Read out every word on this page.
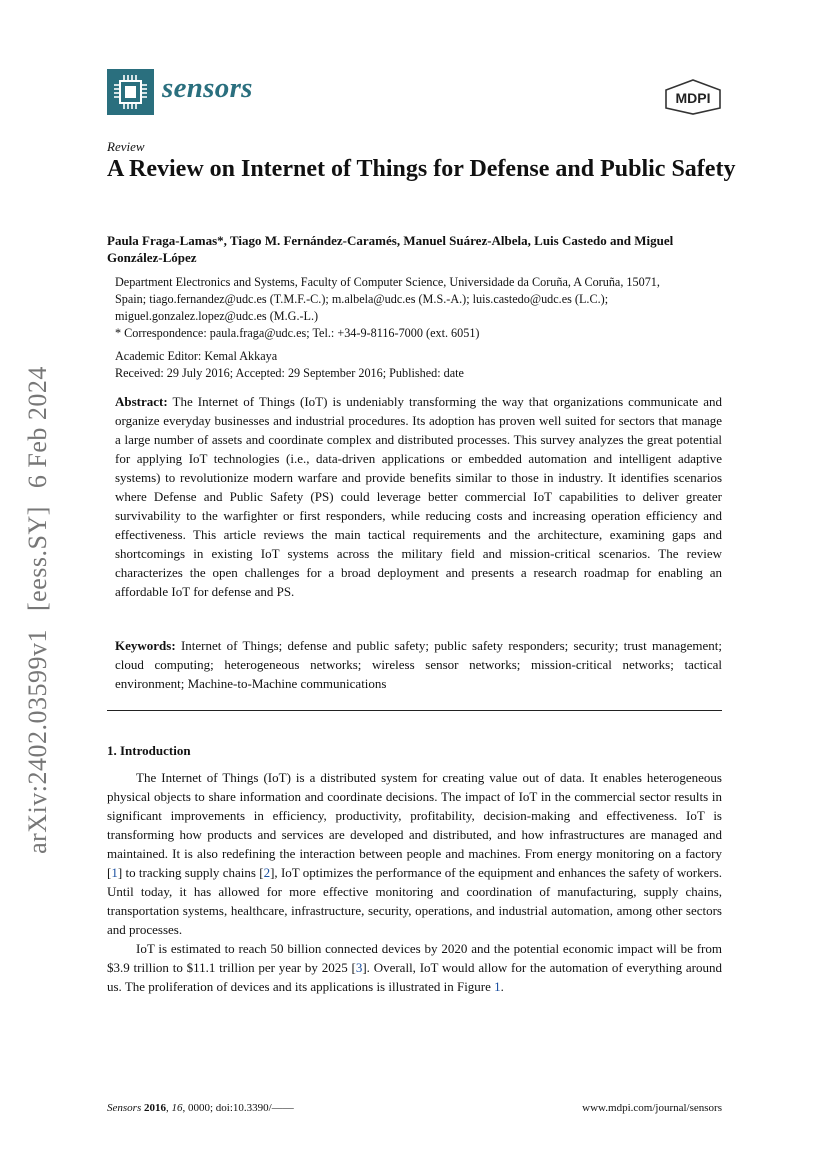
sensors	MDPI
Review
A Review on Internet of Things for Defense and Public Safety
Paula Fraga-Lamas*, Tiago M. Fernández-Caramés, Manuel Suárez-Albela, Luis Castedo and Miguel González-López
Department Electronics and Systems, Faculty of Computer Science, Universidade da Coruña, A Coruña, 15071,
Spain; tiago.fernandez@udc.es (T.M.F.-C.); m.albela@udc.es (M.S.-A.); luis.castedo@udc.es (L.C.);
miguel.gonzalez.lopez@udc.es (M.G.-L.)
* Correspondence: paula.fraga@udc.es; Tel.: +34-9-8116-7000 (ext. 6051)
Academic Editor: Kemal Akkaya
Received: 29 July 2016; Accepted: 29 September 2016; Published: date
Abstract: The Internet of Things (IoT) is undeniably transforming the way that organizations communicate and organize everyday businesses and industrial procedures. Its adoption has proven well suited for sectors that manage a large number of assets and coordinate complex and distributed processes. This survey analyzes the great potential for applying IoT technologies (i.e., data-driven applications or embedded automation and intelligent adaptive systems) to revolutionize modern warfare and provide benefits similar to those in industry. It identifies scenarios where Defense and Public Safety (PS) could leverage better commercial IoT capabilities to deliver greater survivability to the warfighter or first responders, while reducing costs and increasing operation efficiency and effectiveness. This article reviews the main tactical requirements and the architecture, examining gaps and shortcomings in existing IoT systems across the military field and mission-critical scenarios. The review characterizes the open challenges for a broad deployment and presents a research roadmap for enabling an affordable IoT for defense and PS.
Keywords: Internet of Things; defense and public safety; public safety responders; security; trust management; cloud computing; heterogeneous networks; wireless sensor networks; mission-critical networks; tactical environment; Machine-to-Machine communications
1. Introduction

The Internet of Things (IoT) is a distributed system for creating value out of data. It enables heterogeneous physical objects to share information and coordinate decisions. The impact of IoT in the commercial sector results in significant improvements in efficiency, productivity, profitability, decision-making and effectiveness. IoT is transforming how products and services are developed and distributed, and how infrastructures are managed and maintained. It is also redefining the interaction between people and machines. From energy monitoring on a factory [1] to tracking supply chains [2], IoT optimizes the performance of the equipment and enhances the safety of workers. Until today, it has allowed for more effective monitoring and coordination of manufacturing, supply chains, transportation systems, healthcare, infrastructure, security, operations, and industrial automation, among other sectors and processes.

IoT is estimated to reach 50 billion connected devices by 2020 and the potential economic impact will be from $3.9 trillion to $11.1 trillion per year by 2025 [3]. Overall, IoT would allow for the automation of everything around us. The proliferation of devices and its applications is illustrated in Figure 1.

Sensors 2016, 16, 0000; doi:10.3390/——	www.mdpi.com/journal/sensors
arXiv:2402.03599v1[eess.SY]6 Feb 2024
